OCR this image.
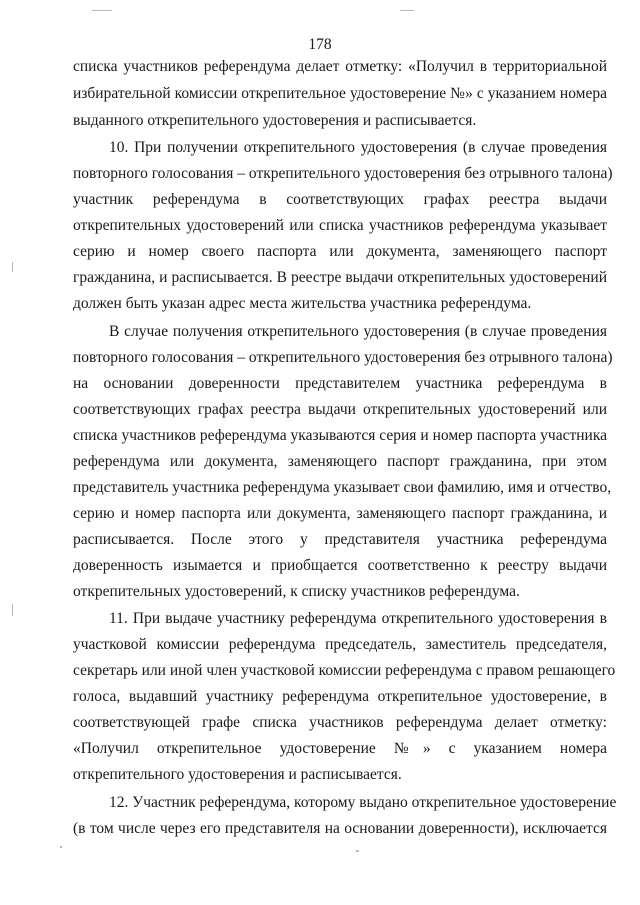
178
списка участников референдума делает отметку: «Получил в территориальной
избирательной комиссии открепительное удостоверение №» с указанием номера
выданного открепительного удостоверения и расписывается.
10. При получении открепительного удостоверения (в случае проведения
повторного голосования – открепительного удостоверения без отрывного талона)
участник референдума в соответствующих графах реестра выдачи
открепительных удостоверений или списка участников референдума указывает
серию и номер своего паспорта или документа, заменяющего паспорт
гражданина, и расписывается. В реестре выдачи открепительных удостоверений
должен быть указан адрес места жительства участника референдума.
В случае получения открепительного удостоверения (в случае проведения
повторного голосования – открепительного удостоверения без отрывного талона)
на основании доверенности представителем участника референдума в
соответствующих графах реестра выдачи открепительных удостоверений или
списка участников референдума указываются серия и номер паспорта участника
референдума или документа, заменяющего паспорт гражданина, при этом
представитель участника референдума указывает свои фамилию, имя и отчество,
серию и номер паспорта или документа, заменяющего паспорт гражданина, и
расписывается. После этого у представителя участника референдума
доверенность изымается и приобщается соответственно к реестру выдачи
открепительных удостоверений, к списку участников референдума.
11. При выдаче участнику референдума открепительного удостоверения в
участковой комиссии референдума председатель, заместитель председателя,
секретарь или иной член участковой комиссии референдума с правом решающего
голоса, выдавший участнику референдума открепительное удостоверение, в
соответствующей графе списка участников референдума делает отметку:
«Получил открепительное удостоверение №» с указанием номера
открепительного удостоверения и расписывается.
12. Участник референдума, которому выдано открепительное удостоверение
(в том числе через его представителя на основании доверенности), исключается
